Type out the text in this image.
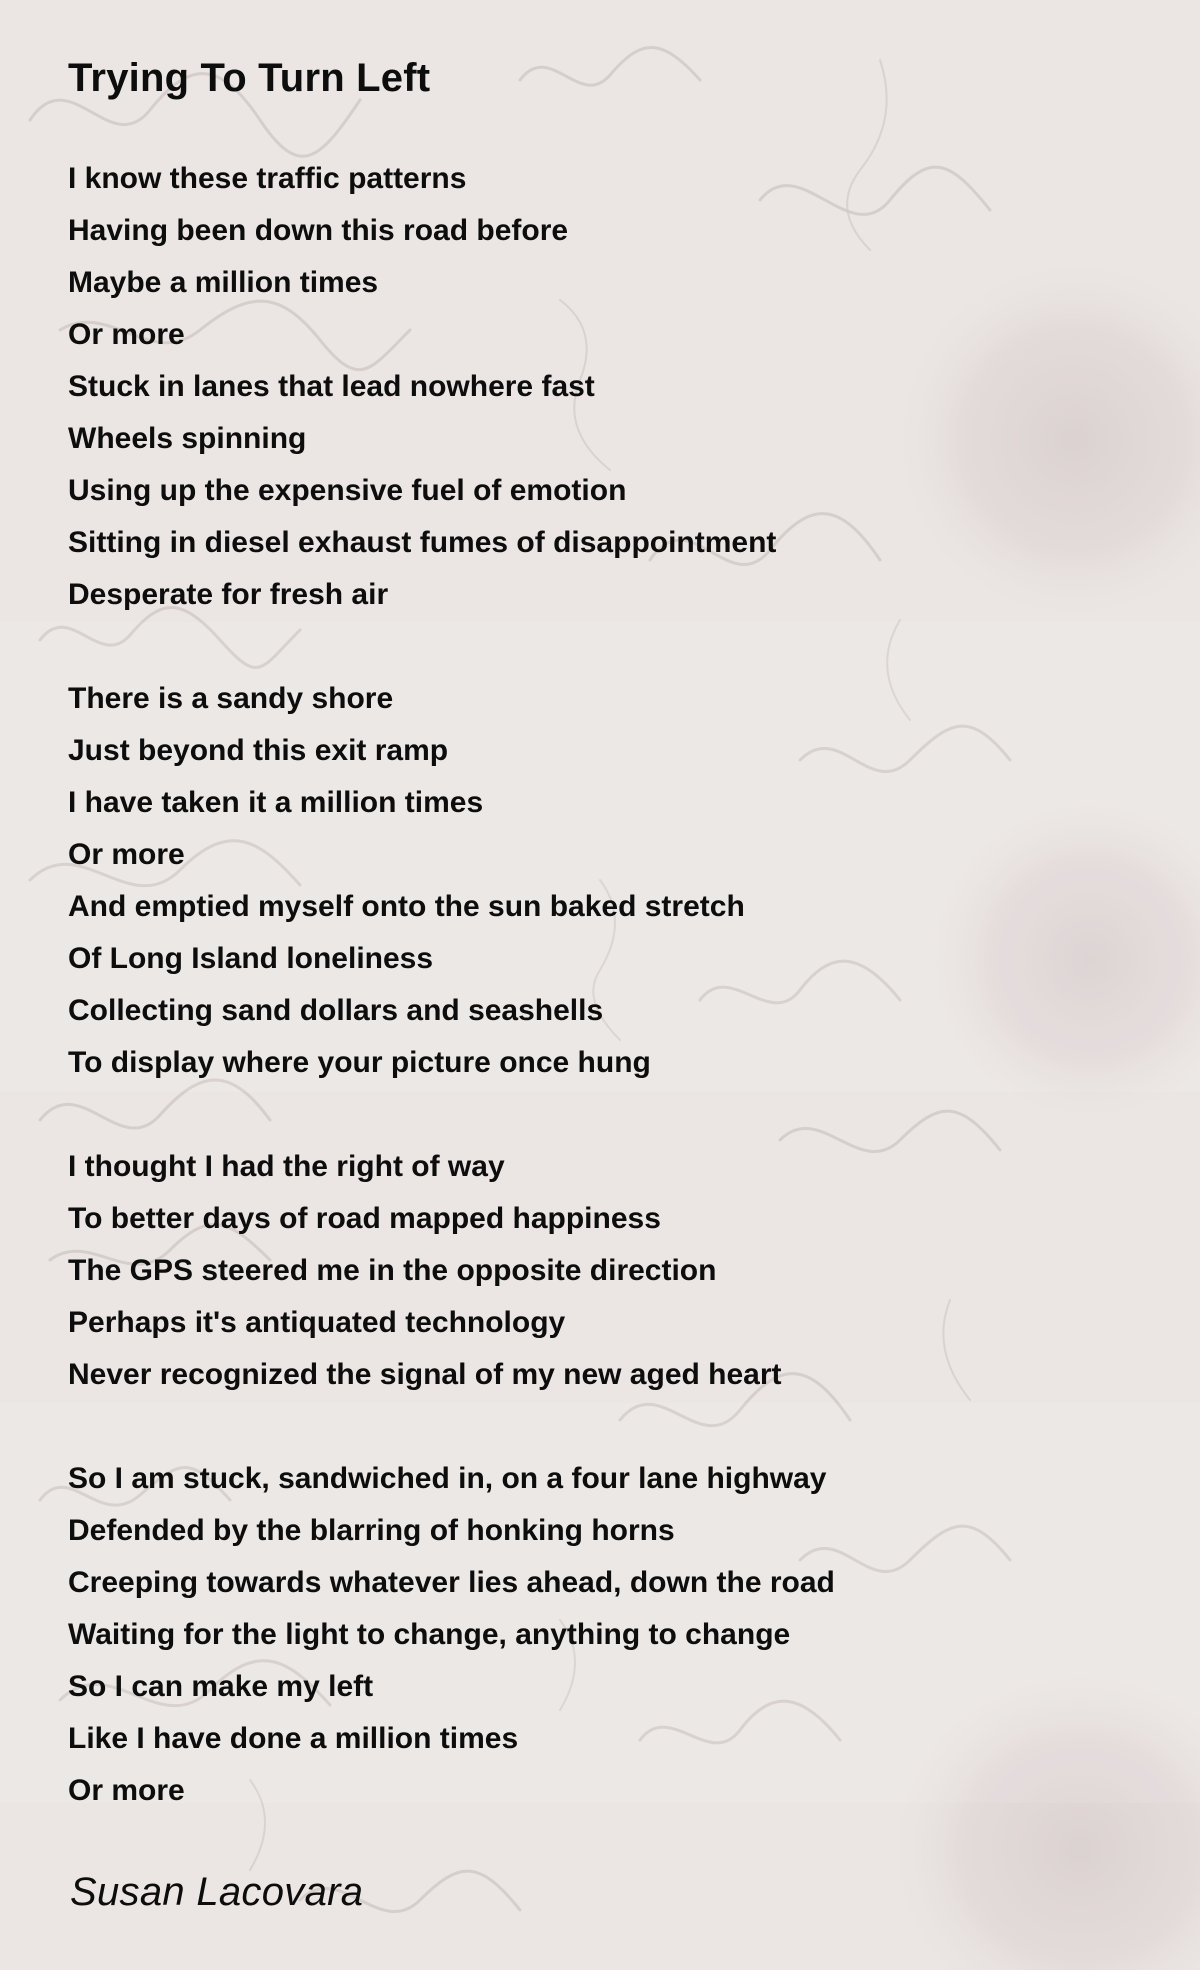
Trying To Turn Left
I know these traffic patterns
Having been down this road before
Maybe a million times
Or more
Stuck in lanes that lead nowhere fast
Wheels spinning
Using up the expensive fuel of emotion
Sitting in diesel exhaust fumes of disappointment
Desperate for fresh air
There is a sandy shore
Just beyond this exit ramp
I have taken it a million times
Or more
And emptied myself onto the sun baked stretch
Of Long Island loneliness
Collecting sand dollars and seashells
To display where your picture once hung
I thought I had the right of way
To better days of road mapped happiness
The GPS steered me in the opposite direction
Perhaps it's antiquated technology
Never recognized the signal of my new aged heart
So I am stuck, sandwiched in, on a four lane highway
Defended by the blarring of honking horns
Creeping towards whatever lies ahead, down the road
Waiting for the light to change, anything to change
So I can make my left
Like I have done a million times
Or more
Susan Lacovara
